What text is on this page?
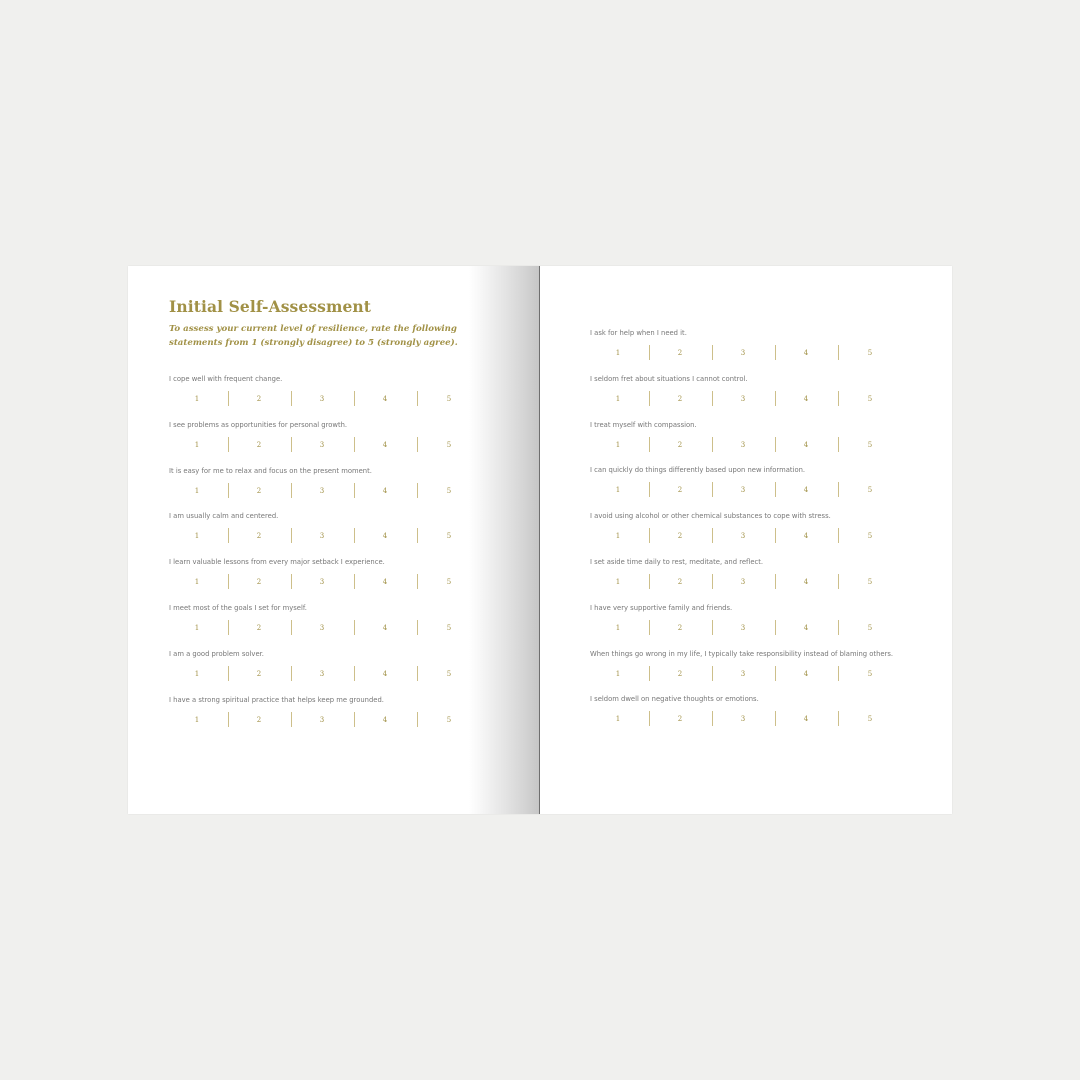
Initial Self-Assessment

To assess your current level of resilience, rate the following statements from 1 (strongly disagree) to 5 (strongly agree).

I cope well with frequent change.
1	2	3	4	5
I see problems as opportunities for personal growth.
1	2	3	4	5
It is easy for me to relax and focus on the present moment.
1	2	3	4	5
I am usually calm and centered.
1	2	3	4	5
I learn valuable lessons from every major setback I experience.
1	2	3	4	5
I meet most of the goals I set for myself.
1	2	3	4	5
I am a good problem solver.
1	2	3	4	5
I have a strong spiritual practice that helps keep me grounded.
1	2	3	4	5
I ask for help when I need it.
1	2	3	4	5
I seldom fret about situations I cannot control.
1	2	3	4	5
I treat myself with compassion.
1	2	3	4	5
I can quickly do things differently based upon new information.
1	2	3	4	5
I avoid using alcohol or other chemical substances to cope with stress.
1	2	3	4	5
I set aside time daily to rest, meditate, and reflect.
1	2	3	4	5
I have very supportive family and friends.
1	2	3	4	5
When things go wrong in my life, I typically take responsibility instead of blaming others.
1	2	3	4	5
I seldom dwell on negative thoughts or emotions.
1	2	3	4	5
